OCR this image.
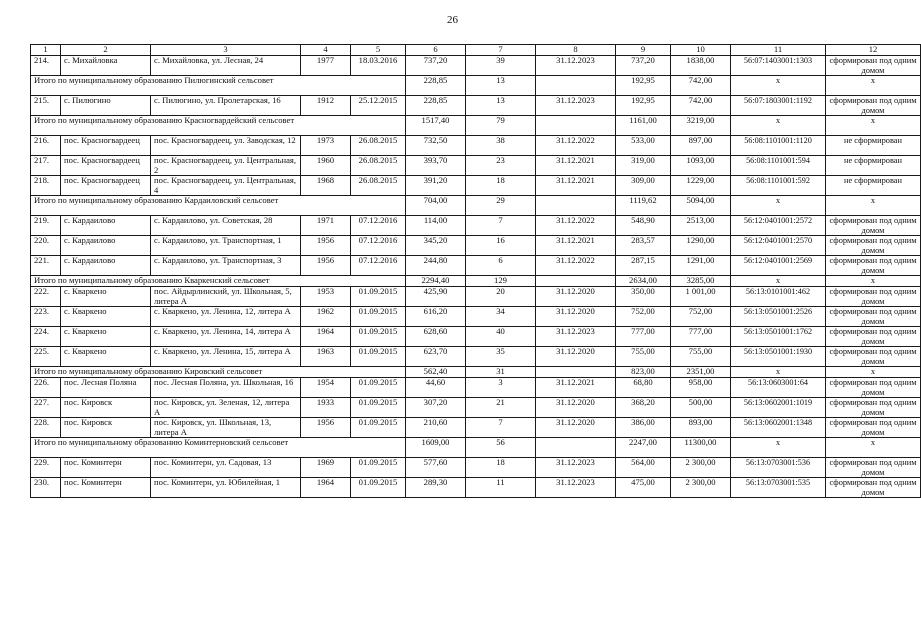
26
1	2	3	4	5	6	7	8	9	10	11	12
214.	с. Михайловка	с. Михайловка, ул. Лесная, 24	1977	18.03.2016	737,20	39	31.12.2023	737,20	1838,00	56:07:1403001:1303	сформирован под одним домом
Итого по муниципальному образованию Пилюгинский сельсовет					228,85	13		192,95	742,00	x	x
215.	с. Пилюгино	с. Пилюгино, ул. Пролетарская, 16	1912	25.12.2015	228,85	13	31.12.2023	192,95	742,00	56:07:1803001:1192	сформирован под одним домом
Итого по муниципальному образованию Красногвардейский сельсовет					1517,40	79		1161,00	3219,00	x	x
216.	пос. Красногвардеец	пос. Красногвардеец, ул. Заводская, 12	1973	26.08.2015	732,50	38	31.12.2022	533,00	897,00	56:08:1101001:1120	не сформирован
217.	пос. Красногвардеец	пос. Красногвардеец, ул. Центральная, 2	1960	26.08.2015	393,70	23	31.12.2021	319,00	1093,00	56:08:1101001:594	не сформирован
218.	пос. Красногвардеец	пос. Красногвардеец, ул. Центральная, 4	1968	26.08.2015	391,20	18	31.12.2021	309,00	1229,00	56:08:1101001:592	не сформирован
Итого по муниципальному образованию Кардаиловский сельсовет					704,00	29		1119,62	5094,00	x	x
219.	с. Кардаилово	с. Кардаилово, ул. Советская, 28	1971	07.12.2016	114,00	7	31.12.2022	548,90	2513,00	56:12:0401001:2572	сформирован под одним домом
220.	с. Кардаилово	с. Кардаилово, ул. Транспортная, 1	1956	07.12.2016	345,20	16	31.12.2021	283,57	1290,00	56:12:0401001:2570	сформирован под одним домом
221.	с. Кардаилово	с. Кардаилово, ул. Транспортная, 3	1956	07.12.2016	244,80	6	31.12.2022	287,15	1291,00	56:12:0401001:2569	сформирован под одним домом
Итого по муниципальному образованию Кваркенский сельсовет					2294,40	129		2634,00	3285,00	x	x
222.	с. Кваркено	пос. Айдырлинский, ул. Школьная, 5, литера А	1953	01.09.2015	425,90	20	31.12.2020	350,00	1 001,00	56:13:0101001:462	сформирован под одним домом
223.	с. Кваркено	с. Кваркено, ул. Ленина, 12, литера А	1962	01.09.2015	616,20	34	31.12.2020	752,00	752,00	56:13:0501001:2526	сформирован под одним домом
224.	с. Кваркено	с. Кваркено, ул. Ленина, 14, литера А	1964	01.09.2015	628,60	40	31.12.2023	777,00	777,00	56:13:0501001:1762	сформирован под одним домом
225.	с. Кваркено	с. Кваркено, ул. Ленина, 15, литера А	1963	01.09.2015	623,70	35	31.12.2020	755,00	755,00	56:13:0501001:1930	сформирован под одним домом
Итого по муниципальному образованию Кировский сельсовет					562,40	31		823,00	2351,00	x	x
226.	пос. Лесная Поляна	пос. Лесная Поляна, ул. Школьная, 16	1954	01.09.2015	44,60	3	31.12.2021	68,80	958,00	56:13:0603001:64	сформирован под одним домом
227.	пос. Кировск	пос. Кировск, ул. Зеленая, 12, литера А	1933	01.09.2015	307,20	21	31.12.2020	368,20	500,00	56:13:0602001:1019	сформирован под одним домом
228.	пос. Кировск	пос. Кировск, ул. Школьная, 13, литера А	1956	01.09.2015	210,60	7	31.12.2020	386,00	893,00	56:13:0602001:1348	сформирован под одним домом
Итого по муниципальному образованию Коминтерновский сельсовет					1609,00	56		2247,00	11300,00	x	x
229.	пос. Коминтерн	пос. Коминтерн, ул. Садовая, 13	1969	01.09.2015	577,60	18	31.12.2023	564,00	2 300,00	56:13:0703001:536	сформирован под одним домом
230.	пос. Коминтерн	пос. Коминтерн, ул. Юбилейная, 1	1964	01.09.2015	289,30	11	31.12.2023	475,00	2 300,00	56:13:0703001:535	сформирован под одним домом
